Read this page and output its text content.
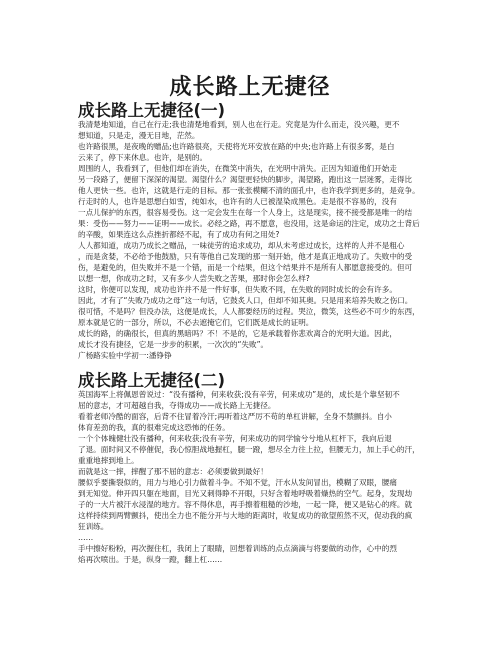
成长路上无捷径
成长路上无捷径(一)

我清楚地知道，自己在行走;我也清楚地看到，别人也在行走。究竟是为什么而走，没兴趣，更不

想知道，只是走，漫无目地，茫然。

也许路很黑，是夜晚的赠品;也许路很亮，天使将光环安放在路的中央;也许路上有很多雾，是白

云来了，停下来休息。也许，是别的。

周围的人，我看到了，但他们却在消失，在微笑中消失，在光明中消失。正因为知道他们开始走

另一段路了，便留下深深的渴望。渴望什么？渴望更轻快的脚步，渴望路，跑出这一层迷雾，走得比

他人更快一些。也许，这就是行走的目标。那一张张模糊不清的面孔中，也许我学到更多的，是竞争。

行走时的人，也许是思想白如雪，纯如水，也许有的人已被湿染成黑色。走是很不容易的，没有

一点儿保护的东西，很容易受伤。这一定会发生在每一个人身上，这是现实，接不接受都是唯一的结

果：受伤——努力——证明——成长。必经之路，再不愿意，也没用，这是命运的注定，成功之士背后

的辛酸，如果连这么点挫折都经不起，有了成功有何之用处?

人人都知道，成功乃成长之赠品，一味徒劳的追求成功，却从未考虑过成长，这样的人并不是粗心

，而是贪婪，不必给予他鼓励，只有等他自己发现的那一刻开始，他才是真正地成功了。失败中的受

伤，是避免的，但失败并不是一个错，而是一个结果，但这个结果并不是所有人都愿意接受的。但可

以想一想，你成功之时，又有多少人尝失败之苦果，那时你会怎么样?

这时，你便可以发现，成功也许并不是一件好事，但失败不同，在失败的同时成长的会有许多。

因此，才有了“失败乃成功之母”这一句话，它鼓炙人口，但却不知其奥。只是用来培养失败之伤口。

很可惜，不是吗？但没办法，这便是成长，人人都要经历的过程。哭泣，微笑，这些必不可少的东西，

原本就是它的一部分，所以，不必去遮掩它们，它们既是成长的证明。

成长的路，的确很长，但真的黑暗吗？不！不是的，它是承载着你悲欢离合的光明大道。因此，

成长才没有捷径，它是一步步的积累，一次次的“失败”。

广杨路实验中学初一:潘铮铮

成长路上无捷径(二)

英国海军上将佩恩曾说过：“没有播种，何来收获;没有辛劳，何来成功”是的，成长是个靠坚韧不

屈的意志，才可超越自我，夺得成功——成长路上无捷径。

看着老师冷酷的面容，后背不住冒着冷汗;再听着这严厉不苟的单杠讲解，全身不禁颤抖。自小

体育差劲的我，真的很难完成这恐怖的任务。

一个个体魄健壮没有播种，何来收获;没有辛劳，何来成功的同学愉兮兮地从杠杆下，我向后退

了退。面时间又不停催促，我心惊胆战地握杠，腿一蹬，想尽全力往上拉，但腰无力，加上手心的汗，

重重地摔到地上。

而就是这一摔，摔醒了那不屈的意志：必须要做到最好！

腰似乎要撕裂似的，用力与地心引力做着斗争。不知不觉，汗水从发间冒出，模糊了双眼，腰痛

到无知觉。伸开四只躯在地面，目光又刺得睁不开眼，只好含着地呼吸着燥热的空气。起身，发现劫

子的一大片被汗水浸湿的地方。容不得休息，再手擦着粗糙的沙地，一起一降，便又是钻心的疼。就

这样持续到两臂颤抖，使出全力也不能分开与大地的距离时，收复成功的欲望煎然不灭，促动我的疯

狂训练。

……

手中擦好粉粉，再次握住杠，我闭上了眼睛，回想着训练的点点滴滴与将要做的动作，心中的烈

焰再次喷出。于是，纵身一蹬，翻上杠……
